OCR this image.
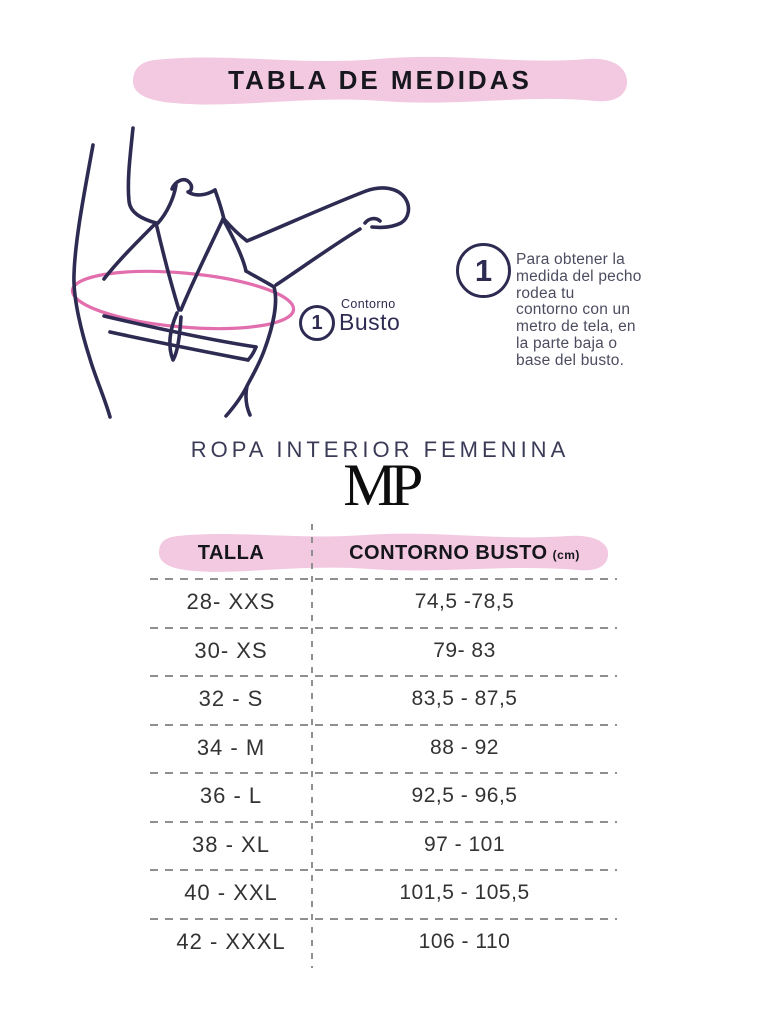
TABLA DE MEDIDAS
1
Contorno
Busto
1 Para obtener la
medida del pecho
rodea tu
contorno con un
metro de tela, en
la parte baja o
base del busto.
ROPA INTERIOR FEMENINA
MP
TALLA	CONTORNO BUSTO (cm)
28- XXS	74,5 -78,5
30- XS	79- 83
32 - S	83,5 - 87,5
34 - M	88 - 92
36 - L	92,5 - 96,5
38 - XL	97 - 101
40 - XXL	101,5 - 105,5
42 - XXXL	106 - 110
